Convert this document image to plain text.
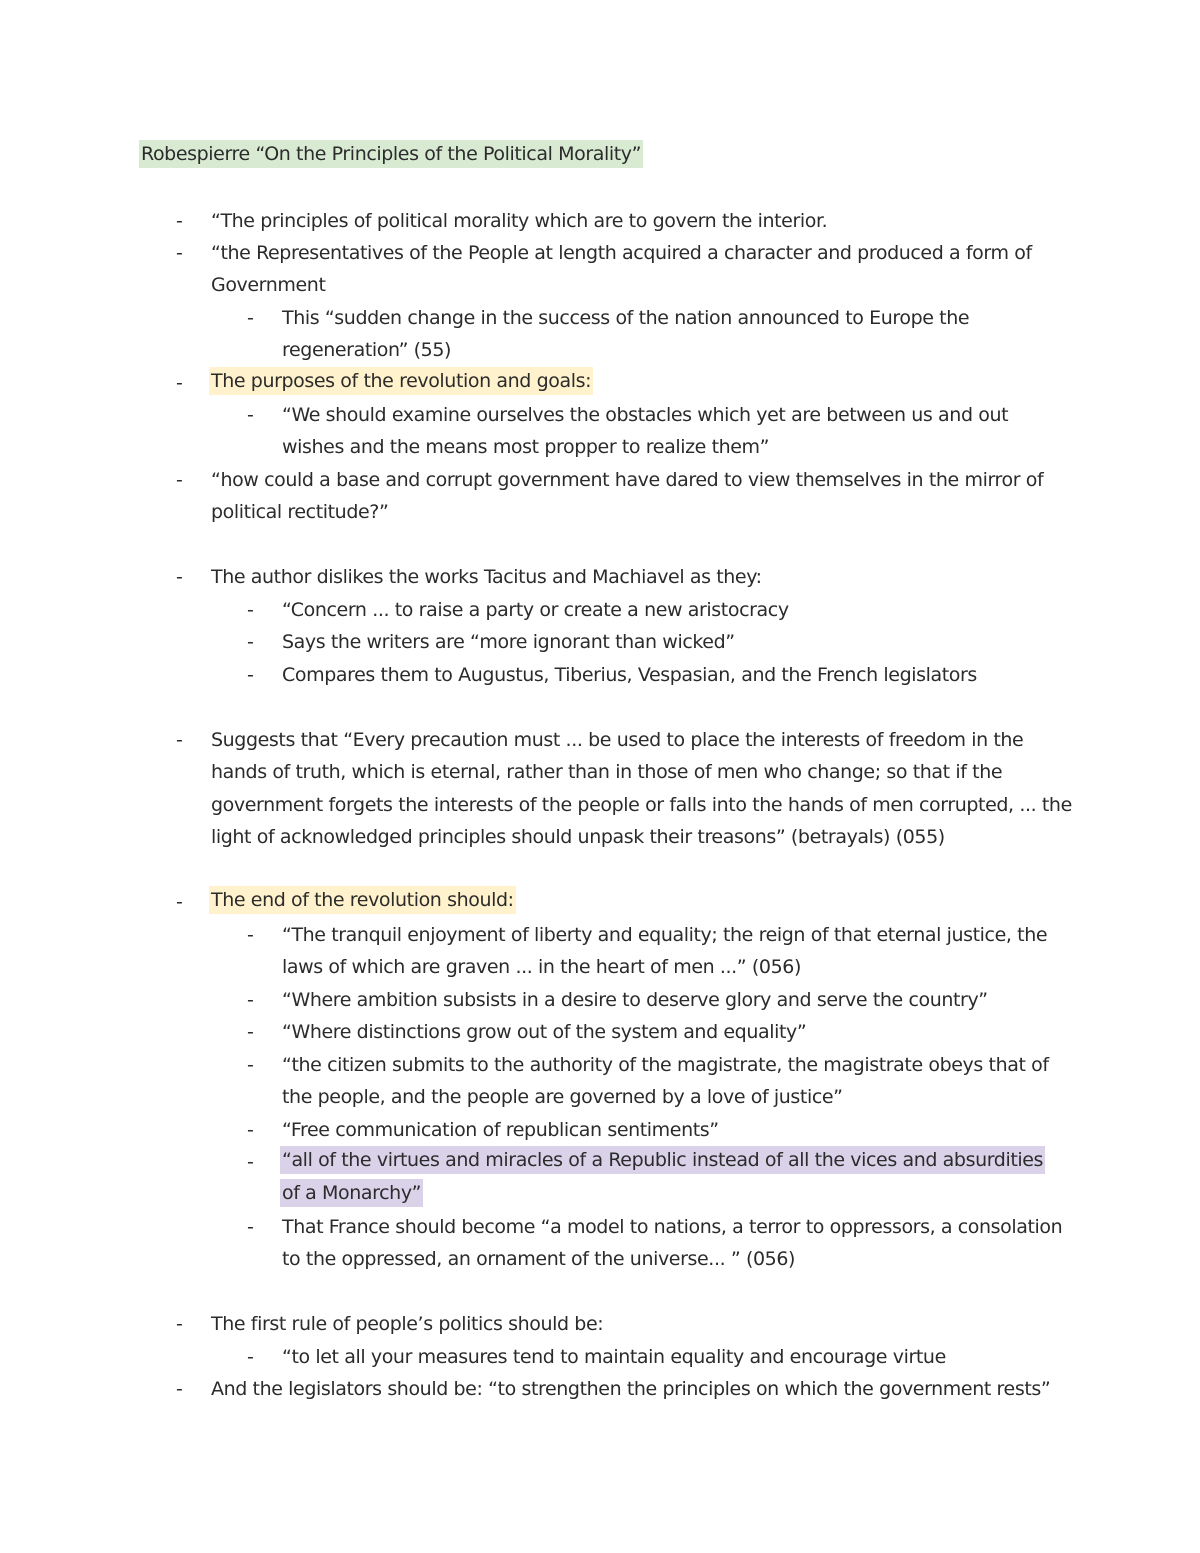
Robespierre “On the Principles of the Political Morality”
- “The principles of political morality which are to govern the interior.
- “the Representatives of the People at length acquired a character and produced a form of
Government
- This “sudden change in the success of the nation announced to Europe the
regeneration” (55)
- The purposes of the revolution and goals:
- “We should examine ourselves the obstacles which yet are between us and out
wishes and the means most propper to realize them”
- “how could a base and corrupt government have dared to view themselves in the mirror of
political rectitude?”
- The author dislikes the works Tacitus and Machiavel as they:
- “Concern ... to raise a party or create a new aristocracy
- Says the writers are “more ignorant than wicked”
- Compares them to Augustus, Tiberius, Vespasian, and the French legislators
- Suggests that “Every precaution must ... be used to place the interests of freedom in the
hands of truth, which is eternal, rather than in those of men who change; so that if the
government forgets the interests of the people or falls into the hands of men corrupted, ... the
light of acknowledged principles should unpask their treasons” (betrayals) (055)
- The end of the revolution should:
- “The tranquil enjoyment of liberty and equality; the reign of that eternal justice, the
laws of which are graven ... in the heart of men ...” (056)
- “Where ambition subsists in a desire to deserve glory and serve the country”
- “Where distinctions grow out of the system and equality”
- “the citizen submits to the authority of the magistrate, the magistrate obeys that of
the people, and the people are governed by a love of justice”
- “Free communication of republican sentiments”
- “all of the virtues and miracles of a Republic instead of all the vices and absurdities
of a Monarchy”
- That France should become “a model to nations, a terror to oppressors, a consolation
to the oppressed, an ornament of the universe... ” (056)
- The first rule of people’s politics should be:
- “to let all your measures tend to maintain equality and encourage virtue
- And the legislators should be: “to strengthen the principles on which the government rests”
